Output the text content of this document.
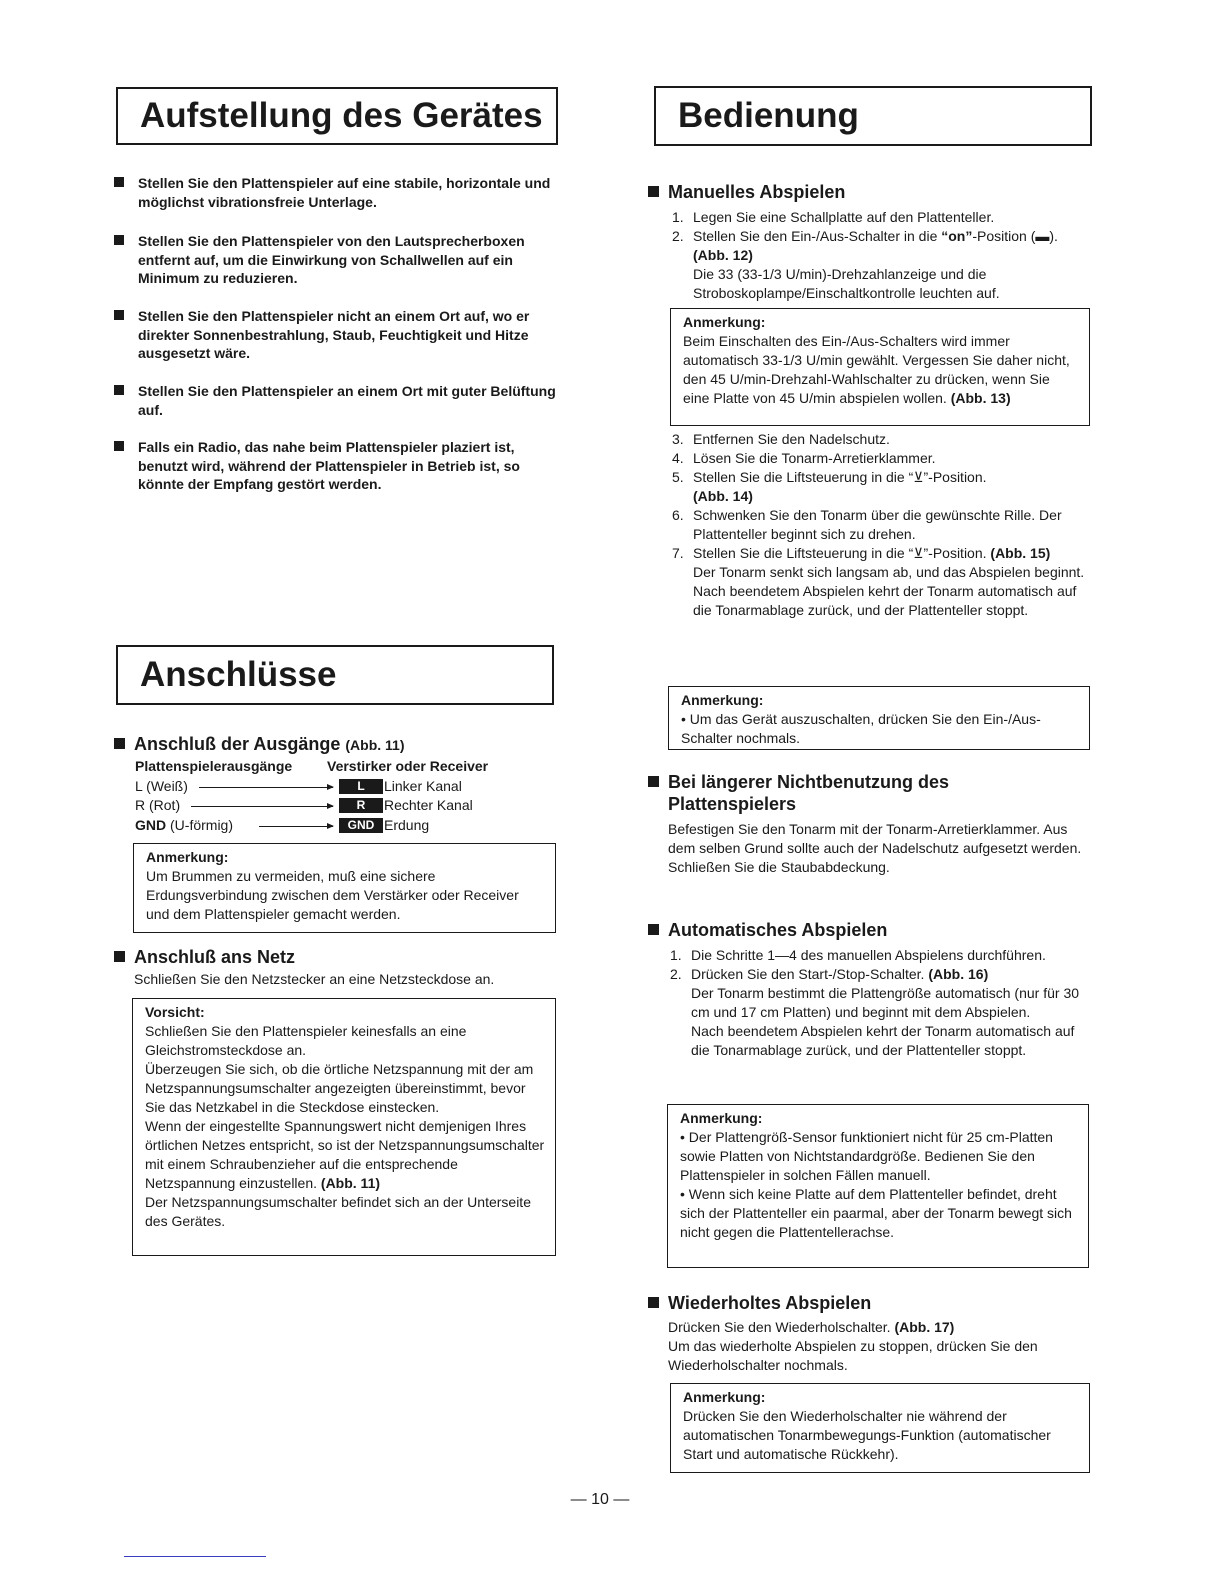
Aufstellung des Gerätes
Stellen Sie den Plattenspieler auf eine stabile, horizontale und möglichst vibrationsfreie Unterlage.
Stellen Sie den Plattenspieler von den Lautsprecherboxen entfernt auf, um die Einwirkung von Schallwellen auf ein Minimum zu reduzieren.
Stellen Sie den Plattenspieler nicht an einem Ort auf, wo er direkter Sonnenbestrahlung, Staub, Feuchtigkeit und Hitze ausgesetzt wäre.
Stellen Sie den Plattenspieler an einem Ort mit guter Belüftung auf.
Falls ein Radio, das nahe beim Plattenspieler plaziert ist, benutzt wird, während der Plattenspieler in Betrieb ist, so könnte der Empfang gestört werden.
Anschlüsse
Anschluß der Ausgänge (Abb. 11)
Plattenspielerausgänge Verstirker oder Receiver
L (Weiß)	L	Linker Kanal
R (Rot)	R	Rechter Kanal
GND (U-förmig)	GND Erdung
Anmerkung:
Um Brummen zu vermeiden, muß eine sichere Erdungsverbindung zwischen dem Verstärker oder Receiver und dem Plattenspieler gemacht werden.
Anschluß ans Netz
Schließen Sie den Netzstecker an eine Netzsteckdose an.
Vorsicht:
Schließen Sie den Plattenspieler keinesfalls an eine Gleichstromsteckdose an.
Überzeugen Sie sich, ob die örtliche Netzspannung mit der am Netzspannungsumschalter angezeigten übereinstimmt, bevor Sie das Netzkabel in die Steckdose einstecken.
Wenn der eingestellte Spannungswert nicht demjenigen Ihres örtlichen Netzes entspricht, so ist der Netzspannungsumschalter mit einem Schraubenzieher auf die entsprechende Netzspannung einzustellen. (Abb. 11)
Der Netzspannungsumschalter befindet sich an der Unterseite des Gerätes.
Bedienung
Manuelles Abspielen
1. Legen Sie eine Schallplatte auf den Plattenteller.
2. Stellen Sie den Ein-/Aus-Schalter in die “on”-Position (▬). (Abb. 12)
Die 33 (33-1/3 U/min)-Drehzahlanzeige und die Stroboskoplampe/Einschaltkontrolle leuchten auf.
Anmerkung:
Beim Einschalten des Ein-/Aus-Schalters wird immer automatisch 33-1/3 U/min gewählt. Vergessen Sie daher nicht, den 45 U/min-Drehzahl-Wahlschalter zu drücken, wenn Sie eine Platte von 45 U/min abspielen wollen. (Abb. 13)
3. Entfernen Sie den Nadelschutz.
4. Lösen Sie die Tonarm-Arretierklammer.
5. Stellen Sie die Liftsteuerung in die “⊻”-Position.
(Abb. 14)
6. Schwenken Sie den Tonarm über die gewünschte Rille. Der Plattenteller beginnt sich zu drehen.
7. Stellen Sie die Liftsteuerung in die “⊻”-Position. (Abb. 15)
Der Tonarm senkt sich langsam ab, und das Abspielen beginnt.
Nach beendetem Abspielen kehrt der Tonarm automatisch auf die Tonarmablage zurück, und der Plattenteller stoppt.
Anmerkung:
• Um das Gerät auszuschalten, drücken Sie den Ein-/Aus-Schalter nochmals.
Bei längerer Nichtbenutzung des
Plattenspielers
Befestigen Sie den Tonarm mit der Tonarm-Arretierklammer. Aus dem selben Grund sollte auch der Nadelschutz aufgesetzt werden.
Schließen Sie die Staubabdeckung.
Automatisches Abspielen
1. Die Schritte 1—4 des manuellen Abspielens durchführen.
2. Drücken Sie den Start-/Stop-Schalter. (Abb. 16)
Der Tonarm bestimmt die Plattengröße automatisch (nur für 30 cm und 17 cm Platten) und beginnt mit dem Abspielen.
Nach beendetem Abspielen kehrt der Tonarm automatisch auf die Tonarmablage zurück, und der Plattenteller stoppt.
Anmerkung:
• Der Plattengröß-Sensor funktioniert nicht für 25 cm-Platten sowie Platten von Nichtstandardgröße. Bedienen Sie den Plattenspieler in solchen Fällen manuell.
• Wenn sich keine Platte auf dem Plattenteller befindet, dreht sich der Plattenteller ein paarmal, aber der Tonarm bewegt sich nicht gegen die Plattentellerachse.
Wiederholtes Abspielen
Drücken Sie den Wiederholschalter. (Abb. 17)
Um das wiederholte Abspielen zu stoppen, drücken Sie den Wiederholschalter nochmals.
Anmerkung:
Drücken Sie den Wiederholschalter nie während der automatischen Tonarmbewegungs-Funktion (automatischer Start und automatische Rückkehr).
— 10 —
